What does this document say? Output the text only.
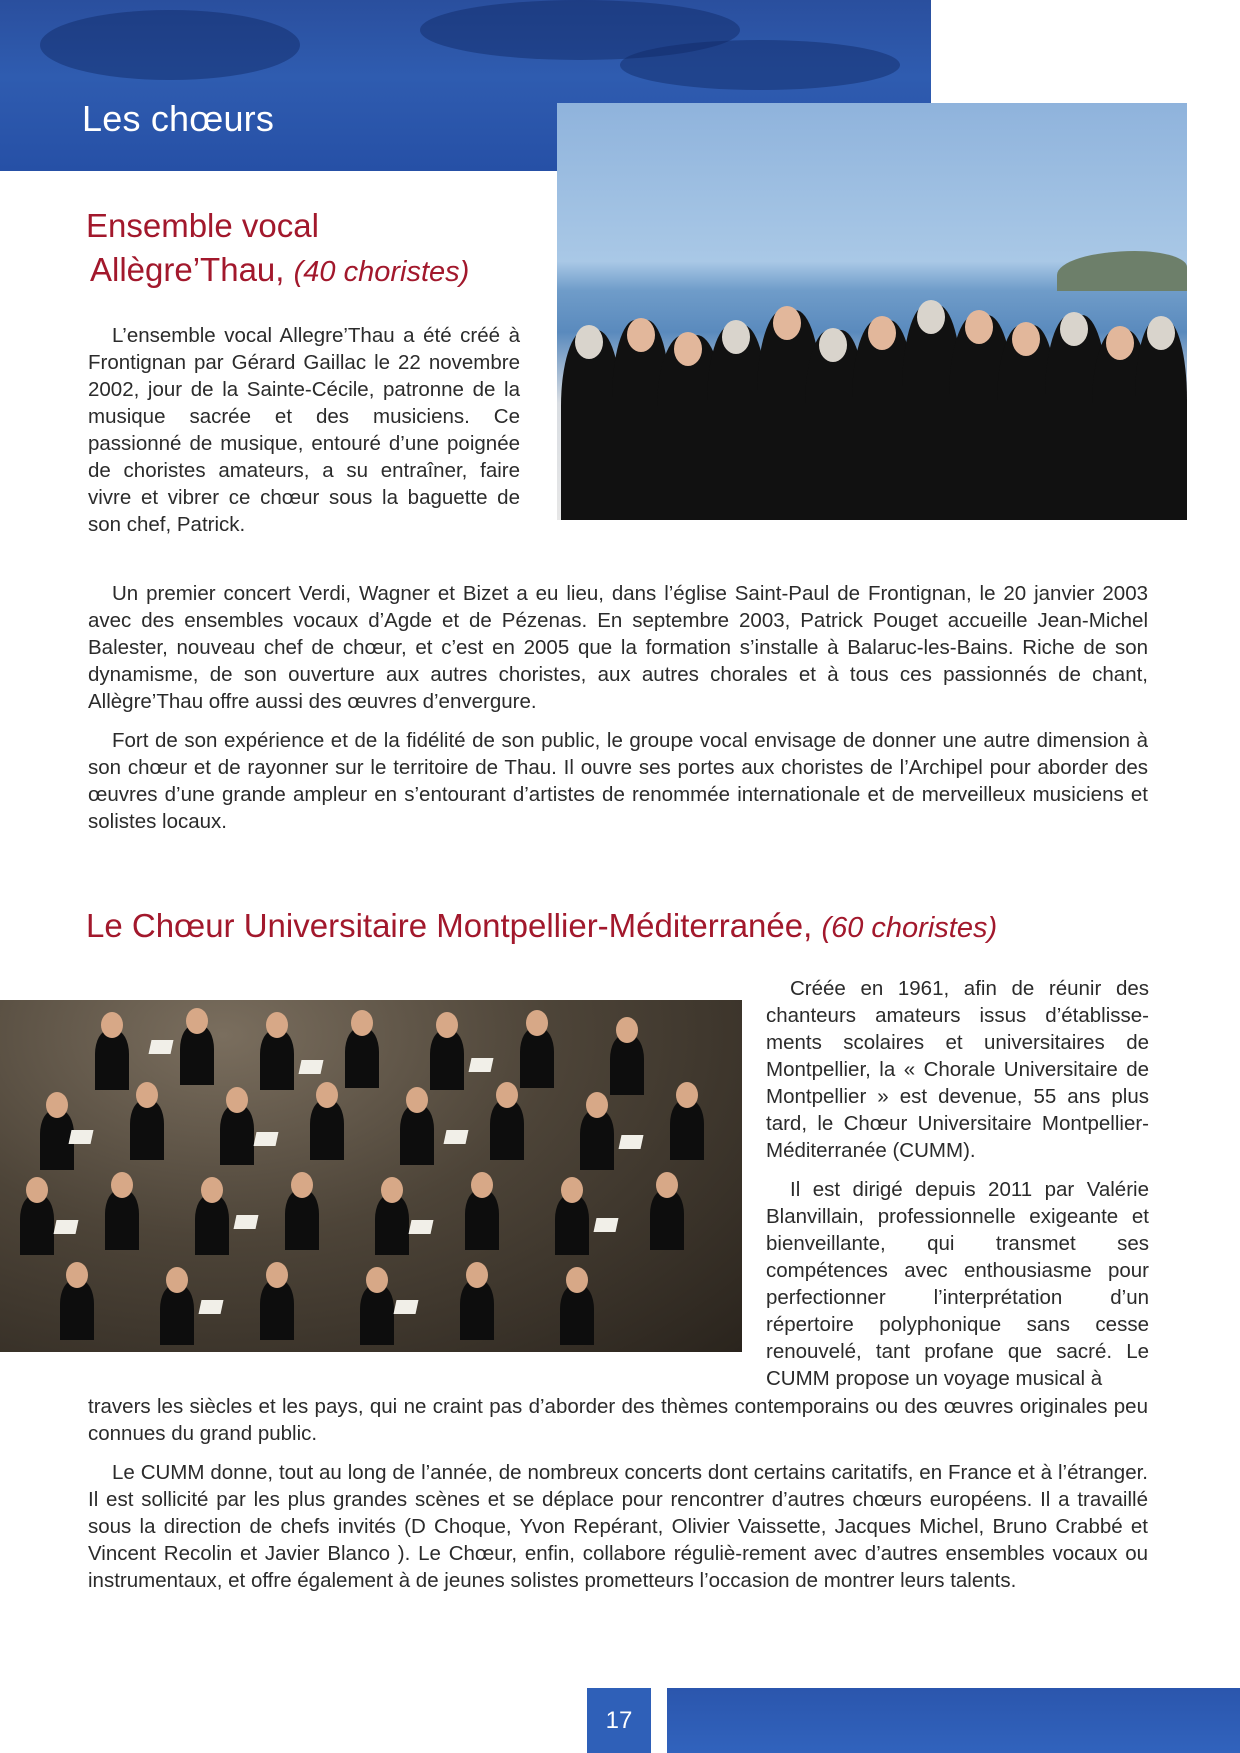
Les chœurs
Ensemble vocal
Allègre’Thau, (40 choristes)

L’ensemble vocal Allegre’Thau a été créé à Frontignan par Gérard Gaillac le 22 novembre 2002, jour de la Sainte-Cécile, patronne de la musique sacrée et des musiciens. Ce passionné de musique, entouré d’une poignée de choristes amateurs, a su entraîner, faire vivre et vibrer ce chœur sous la baguette de son chef, Patrick.

Un premier concert Verdi, Wagner et Bizet a eu lieu, dans l’église Saint-Paul de Frontignan, le 20 janvier 2003 avec des ensembles vocaux d’Agde et de Pézenas. En septembre 2003, Patrick Pouget accueille Jean-Michel Balester, nouveau chef de chœur, et c’est en 2005 que la formation s’installe à Balaruc-les-Bains. Riche de son dynamisme, de son ouverture aux autres choristes, aux autres chorales et à tous ces passionnés de chant, Allègre’Thau offre aussi des œuvres d’envergure.

Fort de son expérience et de la fidélité de son public, le groupe vocal envisage de donner une autre dimension à son chœur et de rayonner sur le territoire de Thau. Il ouvre ses portes aux choristes de l’Archipel pour aborder des œuvres d’une grande ampleur en s’entourant d’artistes de renommée internationale et de merveilleux musiciens et solistes locaux.

Le Chœur Universitaire Montpellier-Méditerranée, (60 choristes)

Créée en 1961, afin de réunir des chanteurs amateurs issus d’établisse-ments scolaires et universitaires de Montpellier, la « Chorale Universitaire de Montpellier » est devenue, 55 ans plus tard, le Chœur Universitaire Montpellier-Méditerranée (CUMM).

Il est dirigé depuis 2011 par Valérie Blanvillain, professionnelle exigeante et bienveillante, qui transmet ses compétences avec enthousiasme pour perfectionner l’interprétation d’un répertoire polyphonique sans cesse renouvelé, tant profane que sacré. Le CUMM propose un voyage musical à

travers les siècles et les pays, qui ne craint pas d’aborder des thèmes contemporains ou des œuvres originales peu connues du grand public.

Le CUMM donne, tout au long de l’année, de nombreux concerts dont certains caritatifs, en France et à l’étranger. Il est sollicité par les plus grandes scènes et se déplace pour rencontrer d’autres chœurs européens. Il a travaillé sous la direction de chefs invités (D Choque, Yvon Repérant, Olivier Vaissette, Jacques Michel, Bruno Crabbé et Vincent Recolin et Javier Blanco ). Le Chœur, enfin, collabore réguliè-rement avec d’autres ensembles vocaux ou instrumentaux, et offre également à de jeunes solistes prometteurs l’occasion de montrer leurs talents.

17
